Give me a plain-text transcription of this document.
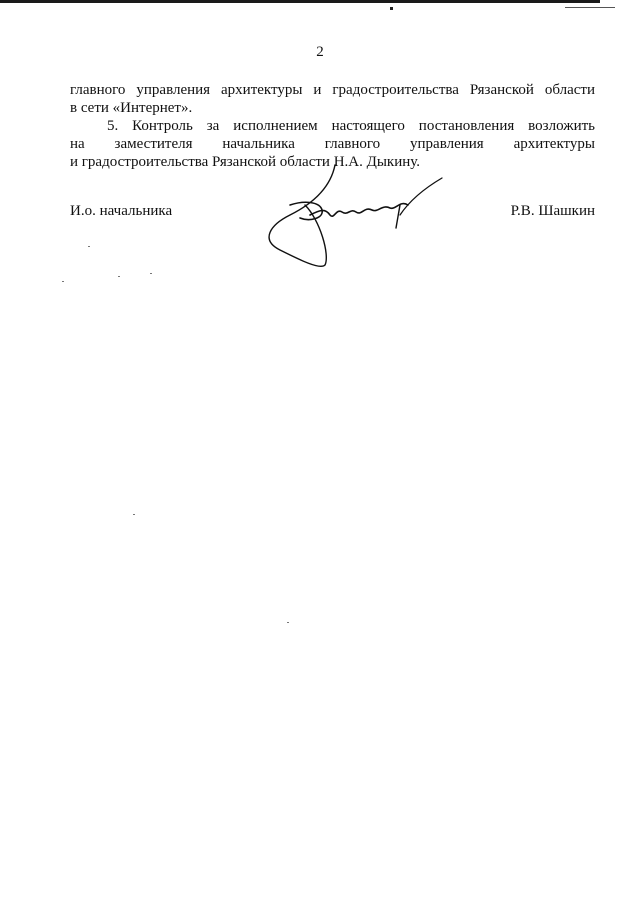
2
главного управления архитектуры и градостроительства Рязанской области
в сети «Интернет».
5. Контроль за исполнением настоящего постановления возложить
на заместителя начальника главного управления архитектуры
и градостроительства Рязанской области Н.А. Дыкину.
И.о. начальника	Р.В. Шашкин
